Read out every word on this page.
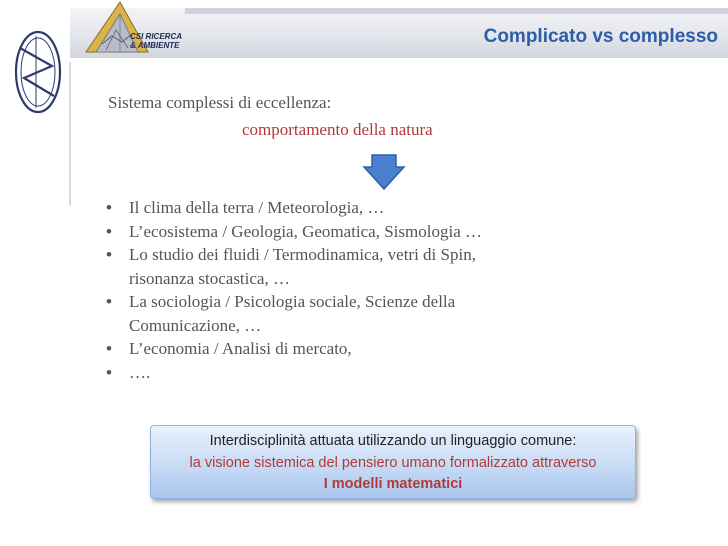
CSI RICERCA
& AMBIENTE	Complicato vs complesso
Sistema complessi di eccellenza:
comportamento della natura
• Il clima della terra / Meteorologia, …
• L’ecosistema / Geologia, Geomatica, Sismologia …
• Lo studio dei fluidi / Termodinamica, vetri di Spin,
risonanza stocastica, …
• La sociologia / Psicologia sociale, Scienze della
Comunicazione, …
• L’economia / Analisi di mercato,
• ….
Interdisciplinità attuata utilizzando un linguaggio comune:
la visione sistemica del pensiero umano formalizzato attraverso
I modelli matematici
